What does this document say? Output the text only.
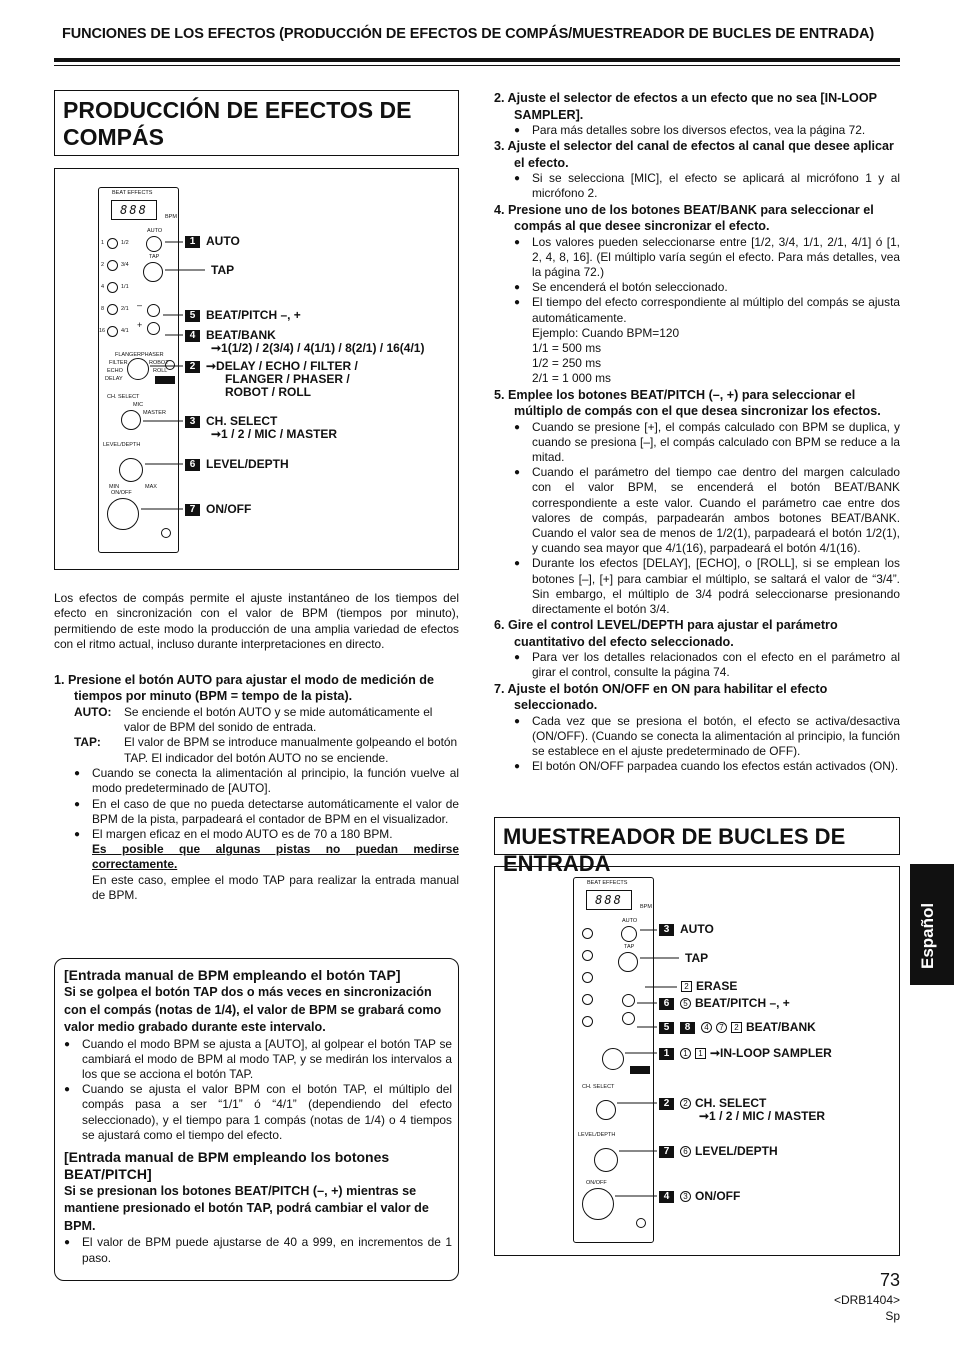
FUNCIONES DE LOS EFECTOS (PRODUCCIÓN DE EFECTOS DE COMPÁS/MUESTREADOR DE BUCLES DE ENTRADA)
PRODUCCIÓN DE EFECTOS DE COMPÁS
BEAT EFFECTS
888	BPM
AUTO
TAP
1	1/2
2	3/4
4	1/1
8	2/1
16	4/1
–
+
FLANGER PHASER
FILTER	ROBOT
ECHO	ROLL
DELAY
CH. SELECT
MIC
MASTER
LEVEL/DEPTH
MIN	MAX
ON/OFF
1 AUTO
TAP
5 BEAT/PITCH –, +
4 BEAT/BANK
➞1(1/2) / 2(3/4) / 4(1/1) / 8(2/1) / 16(4/1)
2 ➞DELAY / ECHO / FILTER /
FLANGER / PHASER /
ROBOT / ROLL
3 CH. SELECT
➞1 / 2 / MIC / MASTER
6 LEVEL/DEPTH
7 ON/OFF

Los efectos de compás permite el ajuste instantáneo de los tiempos del efecto en sincronización con el valor de BPM (tiempos por minuto), permitiendo de este modo la producción de una amplia variedad de efectos con el ritmo actual, incluso durante interpretaciones en directo.

1. Presione el botón AUTO para ajustar el modo de medición de tiempos por minuto (BPM = tempo de la pista).

AUTO:	Se enciende el botón AUTO y se mide automáticamente el valor de BPM del sonido de entrada.
TAP:	El valor de BPM se introduce manualmente golpeando el botón TAP. El indicador del botón AUTO no se enciende.

● Cuando se conecta la alimentación al principio, la función vuelve al modo predeterminado de [AUTO].

● En el caso de que no pueda detectarse automáticamente el valor de BPM de la pista, parpadeará el contador de BPM en el visualizador.

● El margen eficaz en el modo AUTO es de 70 a 180 BPM.
Es posible que algunas pistas no puedan medirse correctamente.
En este caso, emplee el modo TAP para realizar la entrada manual de BPM.

[Entrada manual de BPM empleando el botón TAP]

Si se golpea el botón TAP dos o más veces en sincronización con el compás (notas de 1/4), el valor de BPM se grabará como valor medio grabado durante este intervalo.

● Cuando el modo BPM se ajusta a [AUTO], al golpear el botón TAP se cambiará el modo de BPM al modo TAP, y se medirán los intervalos a los que se acciona el botón TAP.

● Cuando se ajusta el valor BPM con el botón TAP, el múltiplo del compás pasa a ser “1/1” ó “4/1” (dependiendo del efecto seleccionado), y el tiempo para 1 compás (notas de 1/4) o 4 tiempos se ajustará como el tiempo del efecto.

[Entrada manual de BPM empleando los botones BEAT/PITCH]

Si se presionan los botones BEAT/PITCH (–, +) mientras se mantiene presionado el botón TAP, podrá cambiar el valor de BPM.

● El valor de BPM puede ajustarse de 40 a 999, en incrementos de 1 paso.

2. Ajuste el selector de efectos a un efecto que no sea [IN-LOOP SAMPLER].

● Para más detalles sobre los diversos efectos, vea la página 72.

3. Ajuste el selector del canal de efectos al canal que desee aplicar el efecto.

● Si se selecciona [MIC], el efecto se aplicará al micrófono 1 y al micrófono 2.

4. Presione uno de los botones BEAT/BANK para seleccionar el compás al que desee sincronizar el efecto.

● Los valores pueden seleccionarse entre [1/2, 3/4, 1/1, 2/1, 4/1] ó [1, 2, 4, 8, 16]. (El múltiplo varía según el efecto. Para más detalles, vea la página 72.)

● Se encenderá el botón seleccionado.

● El tiempo del efecto correspondiente al múltiplo del compás se ajusta automáticamente.

Ejemplo: Cuando BPM=120
1/1 = 500 ms
1/2 = 250 ms
2/1 = 1 000 ms

5. Emplee los botones BEAT/PITCH (–, +) para seleccionar el múltiplo de compás con el que desea sincronizar los efectos.

● Cuando se presione [+], el compás calculado con BPM se duplica, y cuando se presiona [–], el compás calculado con BPM se reduce a la mitad.

● Cuando el parámetro del tiempo cae dentro del margen calculado con el valor BPM, se encenderá el botón BEAT/BANK correspondiente a este valor. Cuando el parámetro cae entre dos valores de compás, parpadearán ambos botones BEAT/BANK. Cuando el valor sea de menos de 1/2(1), parpadeará el botón 1/2(1), y cuando sea mayor que 4/1(16), parpadeará el botón 4/1(16).

● Durante los efectos [DELAY], [ECHO], o [ROLL], si se emplean los botones [–], [+] para cambiar el múltiplo, se saltará el valor de “3/4”. Sin embargo, el múltiplo de 3/4 podrá seleccionarse presionando directamente el botón 3/4.

6. Gire el control LEVEL/DEPTH para ajustar el parámetro cuantitativo del efecto seleccionado.

● Para ver los detalles relacionados con el efecto en el parámetro al girar el control, consulte la página 74.

7. Ajuste el botón ON/OFF en ON para habilitar el efecto seleccionado.

● Cada vez que se presiona el botón, el efecto se activa/desactiva (ON/OFF). (Cuando se conecta la alimentación al principio, la función se establece en el ajuste predeterminado de OFF).

● El botón ON/OFF parpadea cuando los efectos están activados (ON).

MUESTREADOR DE BUCLES DE ENTRADA
BEAT EFFECTS
888	BPM
AUTO
TAP
CH. SELECT
LEVEL/DEPTH
ON/OFF
3 AUTO
TAP
2 ERASE
6 5 BEAT/PITCH –, +
5 8 4 7 2 BEAT/BANK
1 1 1 ➞IN-LOOP SAMPLER
2 2 CH. SELECT
➞1 / 2 / MIC / MASTER
7 6 LEVEL/DEPTH
4 3 ON/OFF
Español
73
<DRB1404>
Sp
